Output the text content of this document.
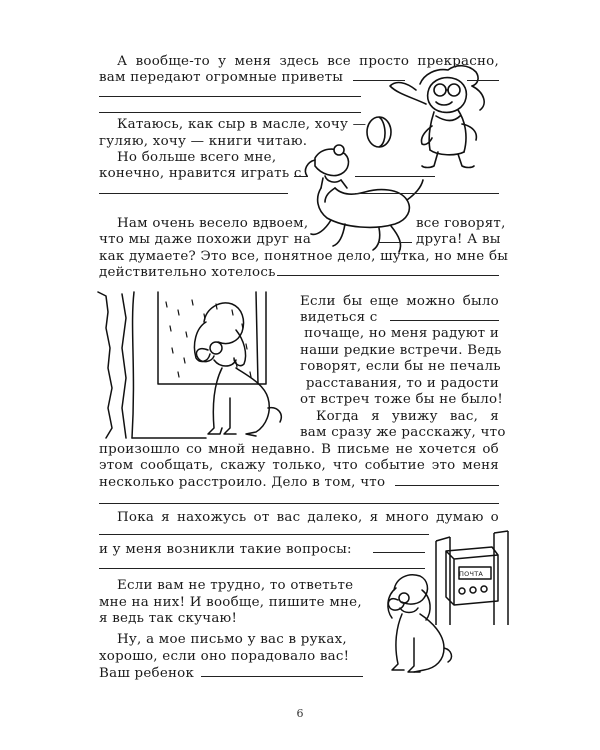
ПОЧТА
А вообще-то у меня здесь все просто прекрасно,
вам передают огромные приветы
Катаюсь, как сыр в масле, хочу —
гуляю, хочу — книги читаю.
Но больше всего мне,
конечно, нравится играть с
Нам очень весело вдвоем,	все говорят,
что мы даже похожи друг на	друга! А вы
как думаете? Это все, понятное дело, шутка, но мне бы
действительно хотелось
Если бы еще можно было
видеться с
почаще, но меня радуют и
наши редкие встречи. Ведь
говорят, если бы не печаль
расставания, то и радости
от встреч тоже бы не было!
Когда я увижу вас, я
вам сразу же расскажу, что
произошло со мной недавно. В письме не хочется об
этом сообщать, скажу только, что событие это меня
несколько расстроило. Дело в том, что
Пока я нахожусь от вас далеко, я много думаю о
и у меня возникли такие вопросы:
Если вам не трудно, то ответьте
мне на них! И вообще, пишите мне,
я ведь так скучаю!
Ну, а мое письмо у вас в руках,
хорошо, если оно порадовало вас!
Ваш ребенок
6
